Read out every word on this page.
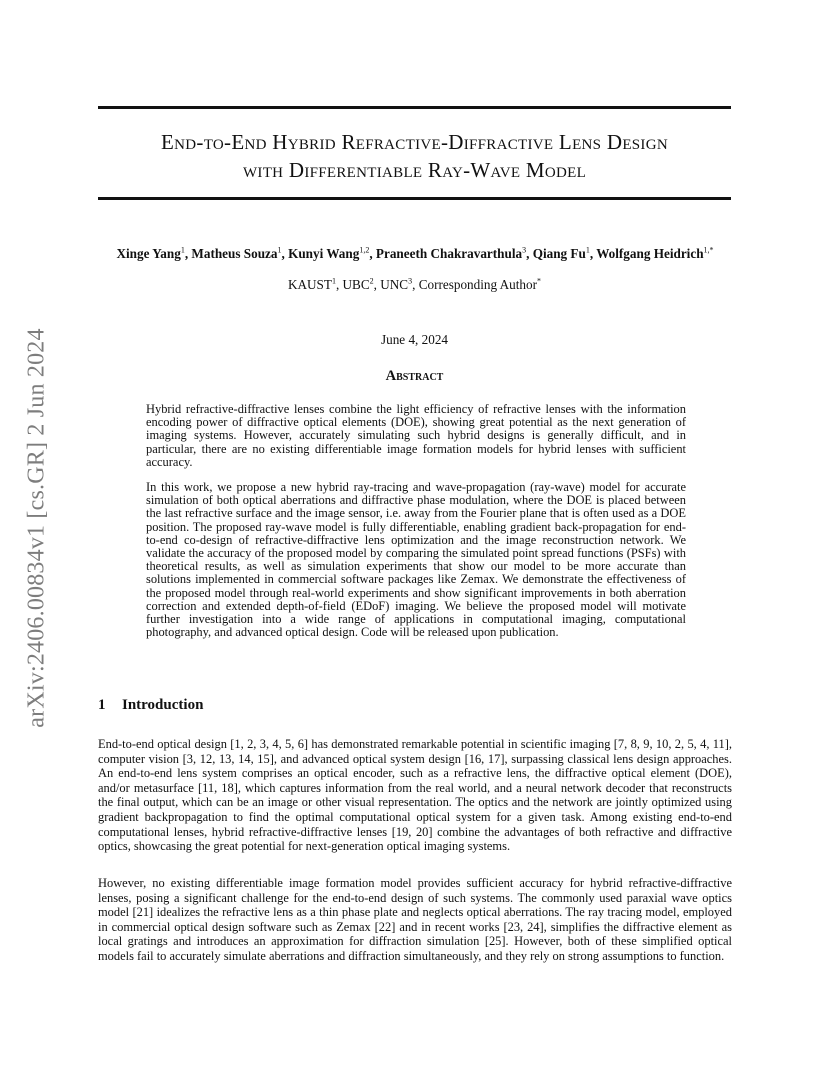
arXiv:2406.00834v1 [cs.GR] 2 Jun 2024
End-to-End Hybrid Refractive-Diffractive Lens Design
with Differentiable Ray-Wave Model
Xinge Yang$^1$, Matheus Souza$^1$, Kunyi Wang$^{1,2}$, Praneeth Chakravarthula$^3$, Qiang Fu$^1$, Wolfgang Heidrich$^{1,*}$
KAUST$^1$, UBC$^2$, UNC$^3$, Corresponding Author*
June 4, 2024
Abstract

Hybrid refractive-diffractive lenses combine the light efficiency of refractive lenses with the information encoding power of diffractive optical elements (DOE), showing great potential as the next generation of imaging systems. However, accurately simulating such hybrid designs is generally difficult, and in particular, there are no existing differentiable image formation models for hybrid lenses with sufficient accuracy.

In this work, we propose a new hybrid ray-tracing and wave-propagation (ray-wave) model for accurate simulation of both optical aberrations and diffractive phase modulation, where the DOE is placed between the last refractive surface and the image sensor, i.e. away from the Fourier plane that is often used as a DOE position. The proposed ray-wave model is fully differentiable, enabling gradient back-propagation for end-to-end co-design of refractive-diffractive lens optimization and the image reconstruction network. We validate the accuracy of the proposed model by comparing the simulated point spread functions (PSFs) with theoretical results, as well as simulation experiments that show our model to be more accurate than solutions implemented in commercial software packages like Zemax. We demonstrate the effectiveness of the proposed model through real-world experiments and show significant improvements in both aberration correction and extended depth-of-field (EDoF) imaging. We believe the proposed model will motivate further investigation into a wide range of applications in computational imaging, computational photography, and advanced optical design. Code will be released upon publication.

1 Introduction

End-to-end optical design [1, 2, 3, 4, 5, 6] has demonstrated remarkable potential in scientific imaging [7, 8, 9, 10, 2, 5, 4, 11], computer vision [3, 12, 13, 14, 15], and advanced optical system design [16, 17], surpassing classical lens design approaches. An end-to-end lens system comprises an optical encoder, such as a refractive lens, the diffractive optical element (DOE), and/or metasurface [11, 18], which captures information from the real world, and a neural network decoder that reconstructs the final output, which can be an image or other visual representation. The optics and the network are jointly optimized using gradient backpropagation to find the optimal computational optical system for a given task. Among existing end-to-end computational lenses, hybrid refractive-diffractive lenses [19, 20] combine the advantages of both refractive and diffractive optics, showcasing the great potential for next-generation optical imaging systems.

However, no existing differentiable image formation model provides sufficient accuracy for hybrid refractive-diffractive lenses, posing a significant challenge for the end-to-end design of such systems. The commonly used paraxial wave optics model [21] idealizes the refractive lens as a thin phase plate and neglects optical aberrations. The ray tracing model, employed in commercial optical design software such as Zemax [22] and in recent works [23, 24], simplifies the diffractive element as local gratings and introduces an approximation for diffraction simulation [25]. However, both of these simplified optical models fail to accurately simulate aberrations and diffraction simultaneously, and they rely on strong assumptions to function.
